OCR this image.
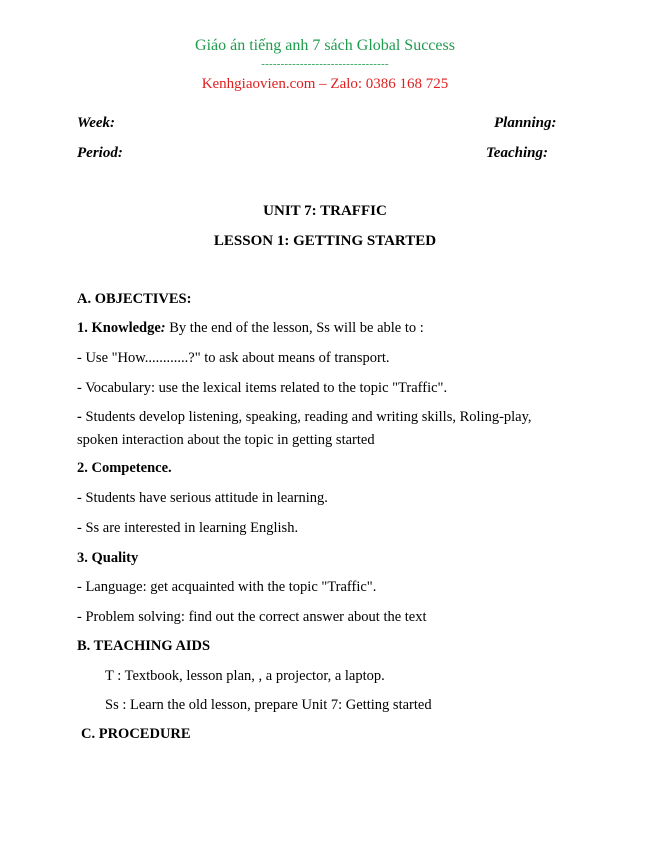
Giáo án tiếng anh 7 sách Global Success
---------------------------------
Kenhgiaovien.com – Zalo: 0386 168 725
Week:	Planning:
Period:	Teaching:
UNIT 7: TRAFFIC
LESSON 1: GETTING STARTED
A. OBJECTIVES:
1. Knowledge: By the end of the lesson, Ss will be able to :
- Use "How............?" to ask about means of transport.
- Vocabulary: use the lexical items related to the topic "Traffic".
- Students develop listening, speaking, reading and writing skills, Roling-play,
spoken interaction about the topic in getting started
2. Competence.
- Students have serious attitude in learning.
- Ss are interested in learning English.
3. Quality
- Language: get acquainted with the topic "Traffic".
- Problem solving: find out the correct answer about the text
B. TEACHING AIDS
T : Textbook, lesson plan, , a projector, a laptop.
Ss : Learn the old lesson, prepare Unit 7: Getting started
C. PROCEDURE
